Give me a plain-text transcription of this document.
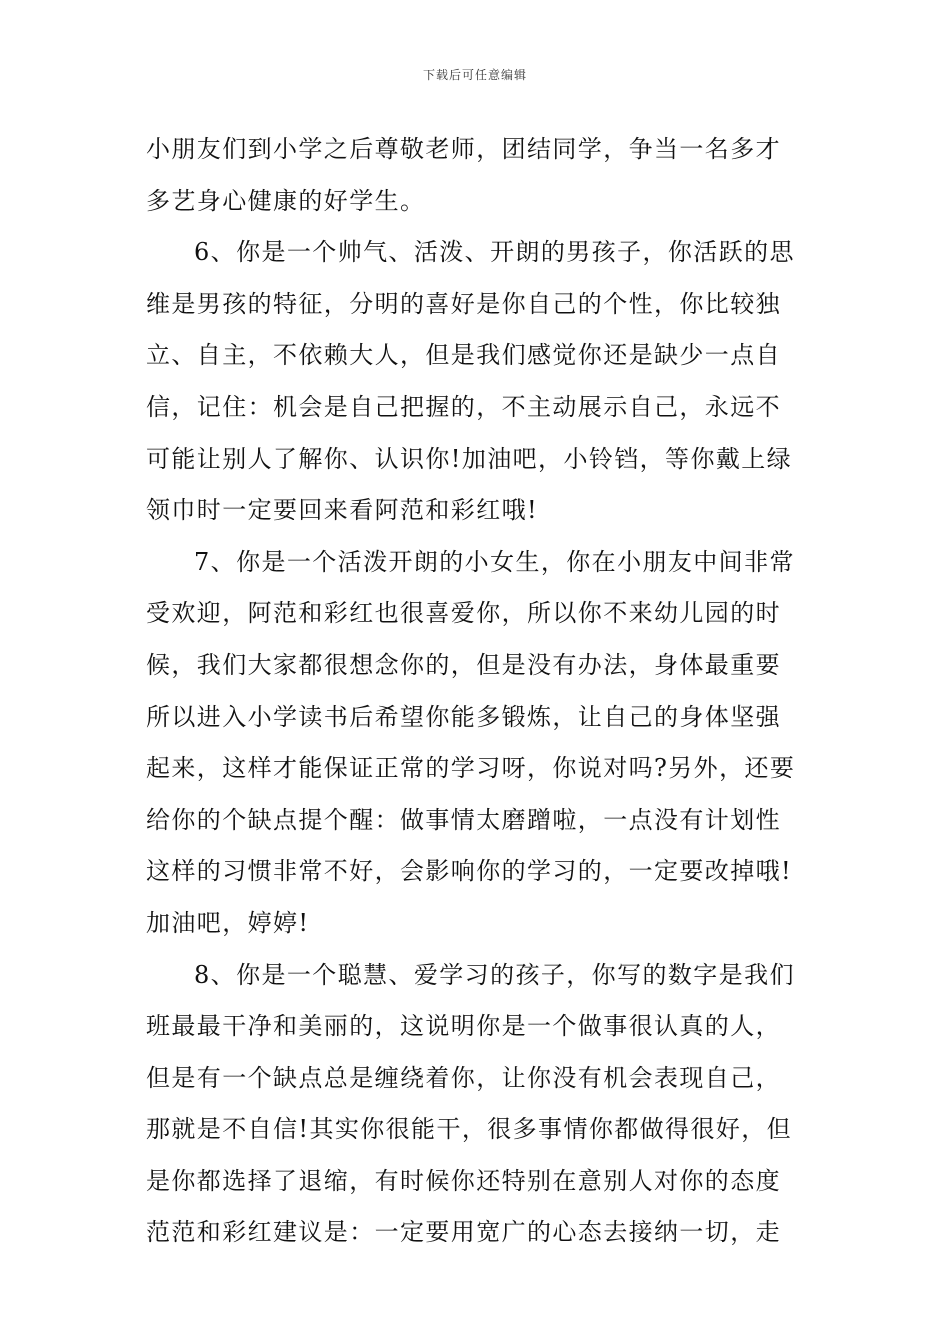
下载后可任意编辑
小朋友们到小学之后尊敬老师，团结同学，争当一名多才
多艺身心健康的好学生。
6、你是一个帅气、活泼、开朗的男孩子，你活跃的思
维是男孩的特征，分明的喜好是你自己的个性，你比较独
立、自主，不依赖大人，但是我们感觉你还是缺少一点自
信，记住：机会是自己把握的，不主动展示自己，永远不
可能让别人了解你、认识你!加油吧，小铃铛，等你戴上绿
领巾时一定要回来看阿范和彩红哦!
7、你是一个活泼开朗的小女生，你在小朋友中间非常
受欢迎，阿范和彩红也很喜爱你，所以你不来幼儿园的时
候，我们大家都很想念你的，但是没有办法，身体最重要
所以进入小学读书后希望你能多锻炼，让自己的身体坚强
起来，这样才能保证正常的学习呀，你说对吗?另外，还要
给你的个缺点提个醒：做事情太磨蹭啦，一点没有计划性
这样的习惯非常不好，会影响你的学习的，一定要改掉哦!
加油吧，婷婷!
8、你是一个聪慧、爱学习的孩子，你写的数字是我们
班最最干净和美丽的，这说明你是一个做事很认真的人，
但是有一个缺点总是缠绕着你，让你没有机会表现自己，
那就是不自信!其实你很能干，很多事情你都做得很好，但
是你都选择了退缩，有时候你还特别在意别人对你的态度
范范和彩红建议是：一定要用宽广的心态去接纳一切，走
